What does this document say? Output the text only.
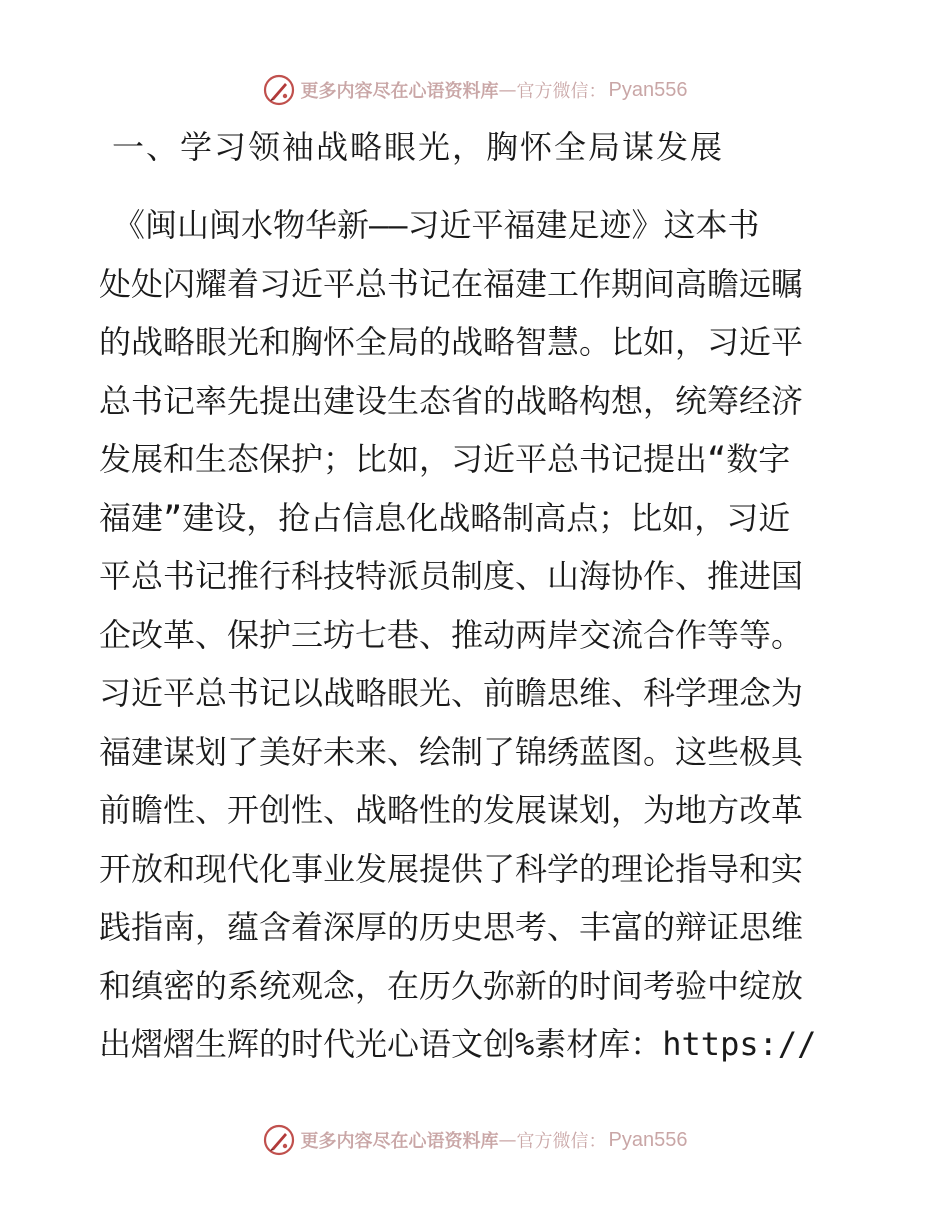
更多内容尽在心语资料库 — 官方微信： Pyan556
一、学习领袖战略眼光，胸怀全局谋发展
《闽山闽水物华新——习近平福建足迹》这本书
处处闪耀着习近平总书记在福建工作期间高瞻远瞩
的战略眼光和胸怀全局的战略智慧。比如，习近平
总书记率先提出建设生态省的战略构想，统筹经济
发展和生态保护；比如，习近平总书记提出“数字
福建”建设，抢占信息化战略制高点；比如，习近
平总书记推行科技特派员制度、山海协作、推进国
企改革、保护三坊七巷、推动两岸交流合作等等。
习近平总书记以战略眼光、前瞻思维、科学理念为
福建谋划了美好未来、绘制了锦绣蓝图。这些极具
前瞻性、开创性、战略性的发展谋划，为地方改革
开放和现代化事业发展提供了科学的理论指导和实
践指南，蕴含着深厚的历史思考、丰富的辩证思维
和缜密的系统观念，在历久弥新的时间考验中绽放
出熠熠生辉的时代光心语文创%素材库：https://
更多内容尽在心语资料库 — 官方微信： Pyan556
